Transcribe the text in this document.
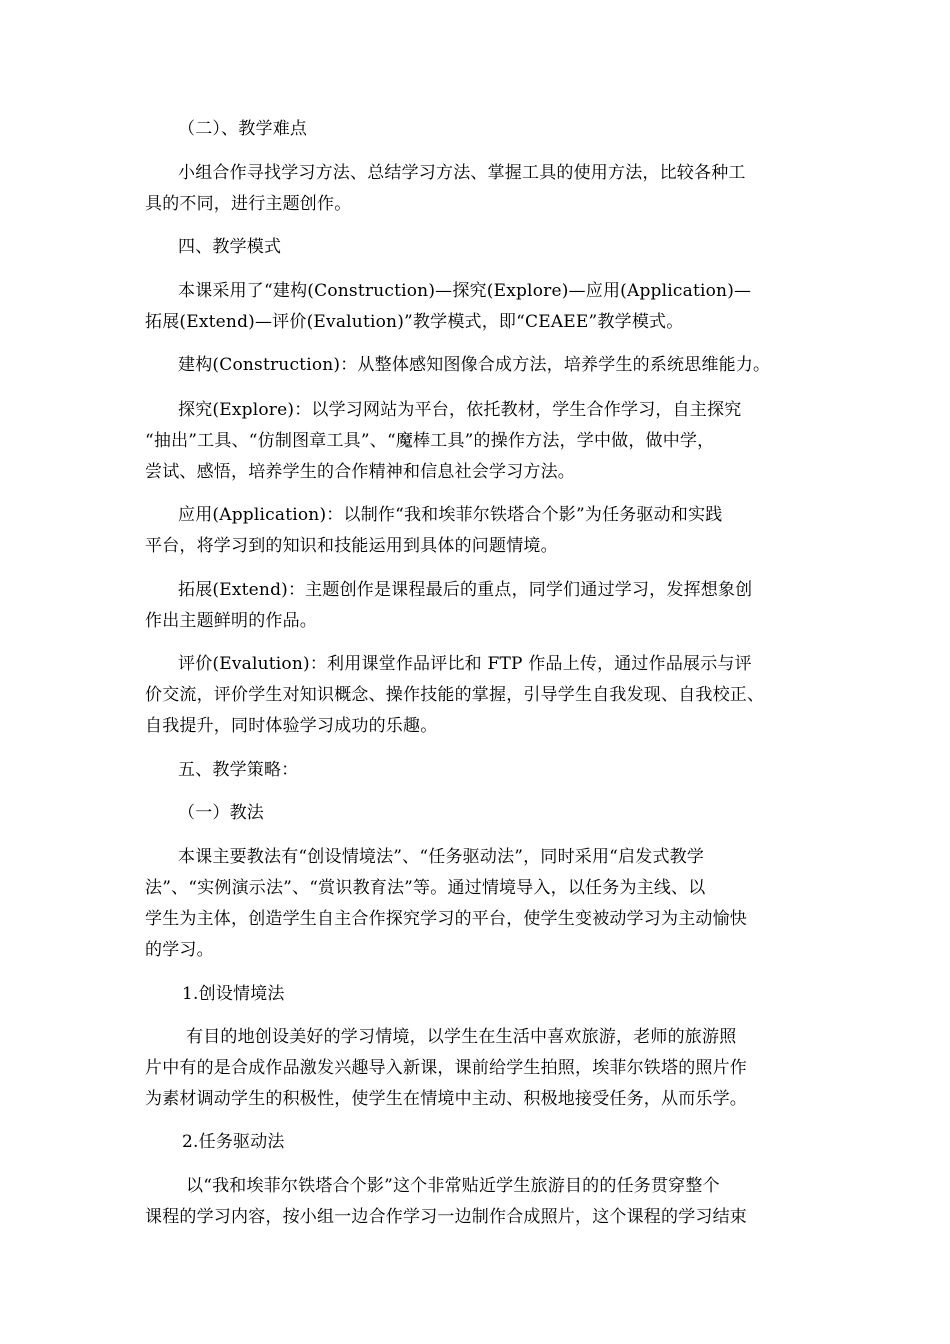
（二）、教学难点
小组合作寻找学习方法、总结学习方法、掌握工具的使用方法，比较各种工
具的不同，进行主题创作。
四、教学模式
本课采用了“建构(Construction)—探究(Explore)—应用(Application)—
拓展(Extend)—评价(Evalution)”教学模式，即“CEAEE”教学模式。
建构(Construction)：从整体感知图像合成方法，培养学生的系统思维能力。
探究(Explore)：以学习网站为平台，依托教材，学生合作学习，自主探究
“抽出”工具、“仿制图章工具”、“魔棒工具”的操作方法，学中做，做中学，
尝试、感悟，培养学生的合作精神和信息社会学习方法。
应用(Application)：以制作“我和埃菲尔铁塔合个影”为任务驱动和实践
平台，将学习到的知识和技能运用到具体的问题情境。
拓展(Extend)：主题创作是课程最后的重点，同学们通过学习，发挥想象创
作出主题鲜明的作品。
评价(Evalution)：利用课堂作品评比和 FTP 作品上传，通过作品展示与评
价交流，评价学生对知识概念、操作技能的掌握，引导学生自我发现、自我校正、
自我提升，同时体验学习成功的乐趣。
五、教学策略：
（一）教法
本课主要教法有“创设情境法”、“任务驱动法”，同时采用“启发式教学
法”、“实例演示法”、“赏识教育法”等。通过情境导入，以任务为主线、以
学生为主体，创造学生自主合作探究学习的平台，使学生变被动学习为主动愉快
的学习。
1.创设情境法
有目的地创设美好的学习情境，以学生在生活中喜欢旅游，老师的旅游照
片中有的是合成作品激发兴趣导入新课，课前给学生拍照，埃菲尔铁塔的照片作
为素材调动学生的积极性，使学生在情境中主动、积极地接受任务，从而乐学。
2.任务驱动法
以“我和埃菲尔铁塔合个影”这个非常贴近学生旅游目的的任务贯穿整个
课程的学习内容，按小组一边合作学习一边制作合成照片，这个课程的学习结束
